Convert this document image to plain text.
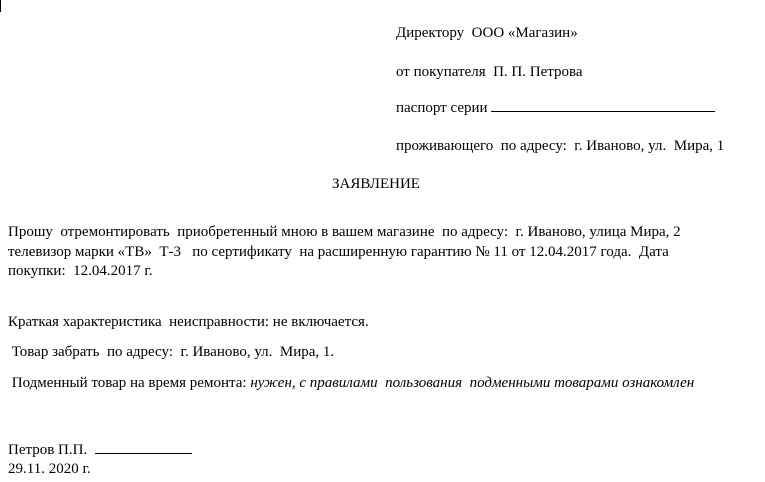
Директору  ООО «Магазин»
от покупателя  П. П. Петрова
паспорт серии
проживающего  по адресу:  г. Иваново, ул.  Мира, 1
ЗАЯВЛЕНИЕ
Прошу  отремонтировать  приобретенный мною в вашем магазине  по адресу:  г. Иваново, улица Мира, 2
телевизор марки «ТВ»  Т-3   по сертификату  на расширенную гарантию № 11 от 12.04.2017 года.  Дата
покупки:  12.04.2017 г.
Краткая характеристика  неисправности: не включается.
Товар забрать  по адресу:  г. Иваново, ул.  Мира, 1.
Подменный товар на время ремонта: нужен, с правилами  пользования  подменными товарами ознакомлен
Петров П.П.
29.11. 2020 г.
